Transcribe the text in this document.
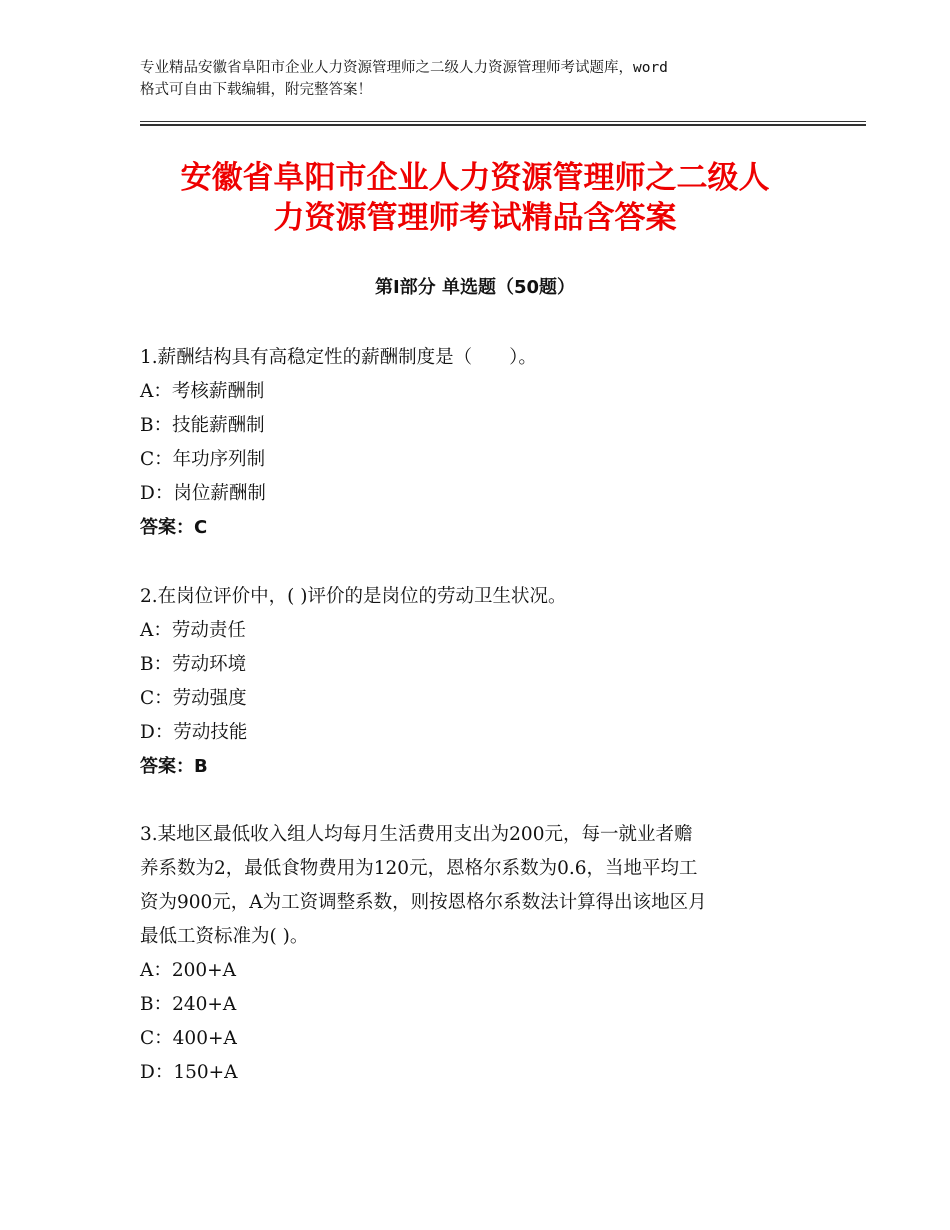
专业精品安徽省阜阳市企业人力资源管理师之二级人力资源管理师考试题库，word
格式可自由下载编辑，附完整答案！
安徽省阜阳市企业人力资源管理师之二级人
力资源管理师考试精品含答案
第Ⅰ部分 单选题（50题）
1.薪酬结构具有高稳定性的薪酬制度是（　　）。
A：考核薪酬制
B：技能薪酬制
C：年功序列制
D：岗位薪酬制
答案：C
2.在岗位评价中，( )评价的是岗位的劳动卫生状况。
A：劳动责任
B：劳动环境
C：劳动强度
D：劳动技能
答案：B
3.某地区最低收入组人均每月生活费用支出为200元，每一就业者赡
养系数为2，最低食物费用为120元，恩格尔系数为0.6，当地平均工
资为900元，A为工资调整系数，则按恩格尔系数法计算得出该地区月
最低工资标准为( )。
A：200+A
B：240+A
C：400+A
D：150+A
